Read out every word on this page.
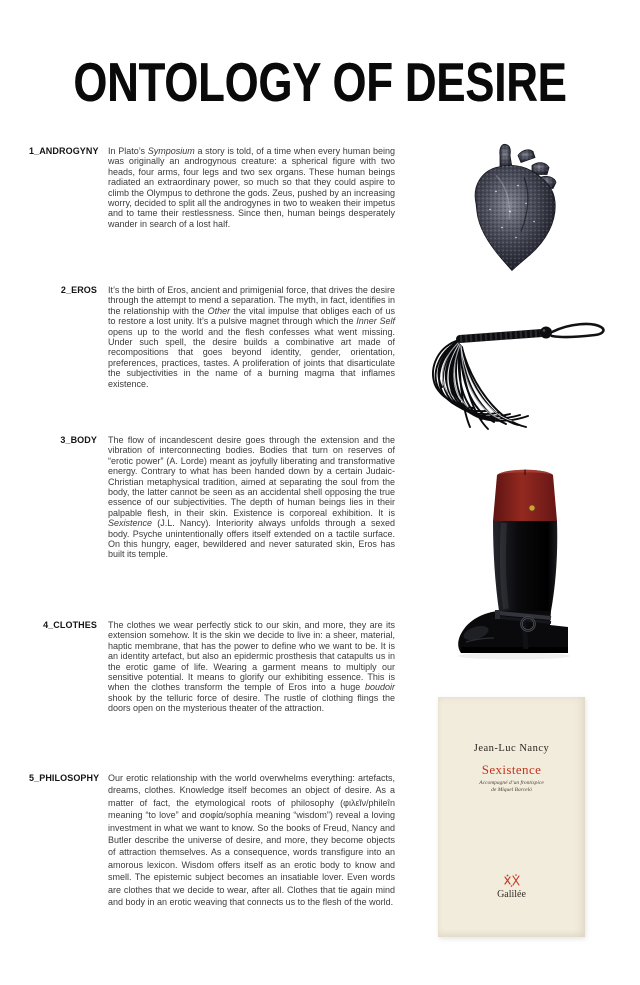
ONTOLOGY OF DESIRE
1_ANDROGYNY In Plato’s Symposium a story is told, of a time when every human being was originally an androgynous creature: a spherical figure with two heads, four arms, four legs and two sex organs. These human beings radiated an extraordinary power, so much so that they could aspire to climb the Olympus to dethrone the gods. Zeus, pushed by an increasing worry, decided to split all the androgynes in two to weaken their impetus and to tame their restlessness. Since then, human beings desperately wander in search of a lost half.
2_EROS It’s the birth of Eros, ancient and primigenial force, that drives the desire through the attempt to mend a separation. The myth, in fact, identifies in the relationship with the Other the vital impulse that obliges each of us to restore a lost unity. It’s a pulsive magnet through which the Inner Self opens up to the world and the flesh confesses what went missing. Under such spell, the desire builds a combinative art made of recompositions that goes beyond identity, gender, orientation, preferences, practices, tastes. A proliferation of joints that disarticulate the subjectivities in the name of a burning magma that inflames existence.
3_BODY The flow of incandescent desire goes through the extension and the vibration of interconnecting bodies. Bodies that turn on reserves of “erotic power” (A. Lorde) meant as joyfully liberating and transformative energy. Contrary to what has been handed down by a certain Judaic-Christian metaphysical tradition, aimed at separating the soul from the body, the latter cannot be seen as an accidental shell opposing the true essence of our subjectivities. The depth of human beings lies in their palpable flesh, in their skin. Existence is corporeal exhibition. It is Sexistence (J.L. Nancy). Interiority always unfolds through a sexed body. Psyche unintentionally offers itself extended on a tactile surface. On this hungry, eager, bewildered and never saturated skin, Eros has built its temple.
4_CLOTHES The clothes we wear perfectly stick to our skin, and more, they are its extension somehow. It is the skin we decide to live in: a sheer, material, haptic membrane, that has the power to define who we want to be. It is an identity artefact, but also an epidermic prosthesis that catapults us in the erotic game of life. Wearing a garment means to multiply our sensitive potential. It means to glorify our exhibiting essence. This is when the clothes transform the temple of Eros into a huge boudoir shook by the telluric force of desire. The rustle of clothing flings the doors open on the mysterious theater of the attraction.
5_PHILOSOPHY Our erotic relationship with the world overwhelms everything: artefacts, dreams, clothes. Knowledge itself becomes an object of desire. As a matter of fact, the etymological roots of philosophy (φιλεῖν/phileîn meaning “to love” and σοφία/sophía meaning “wisdom”) reveal a loving investment in what we want to know. So the books of Freud, Nancy and Butler describe the universe of desire, and more, they become objects of attraction themselves. As a consequence, words transfigure into an amorous lexicon. Wisdom offers itself as an erotic body to know and smell. The epistemic subject becomes an insatiable lover. Even words are clothes that we decide to wear, after all. Clothes that tie again mind and body in an erotic weaving that connects us to the flesh of the world.
Jean-Luc Nancy
Sexistence
Accompagné d’un frontispice
de Miquel Barceló
Galilée
